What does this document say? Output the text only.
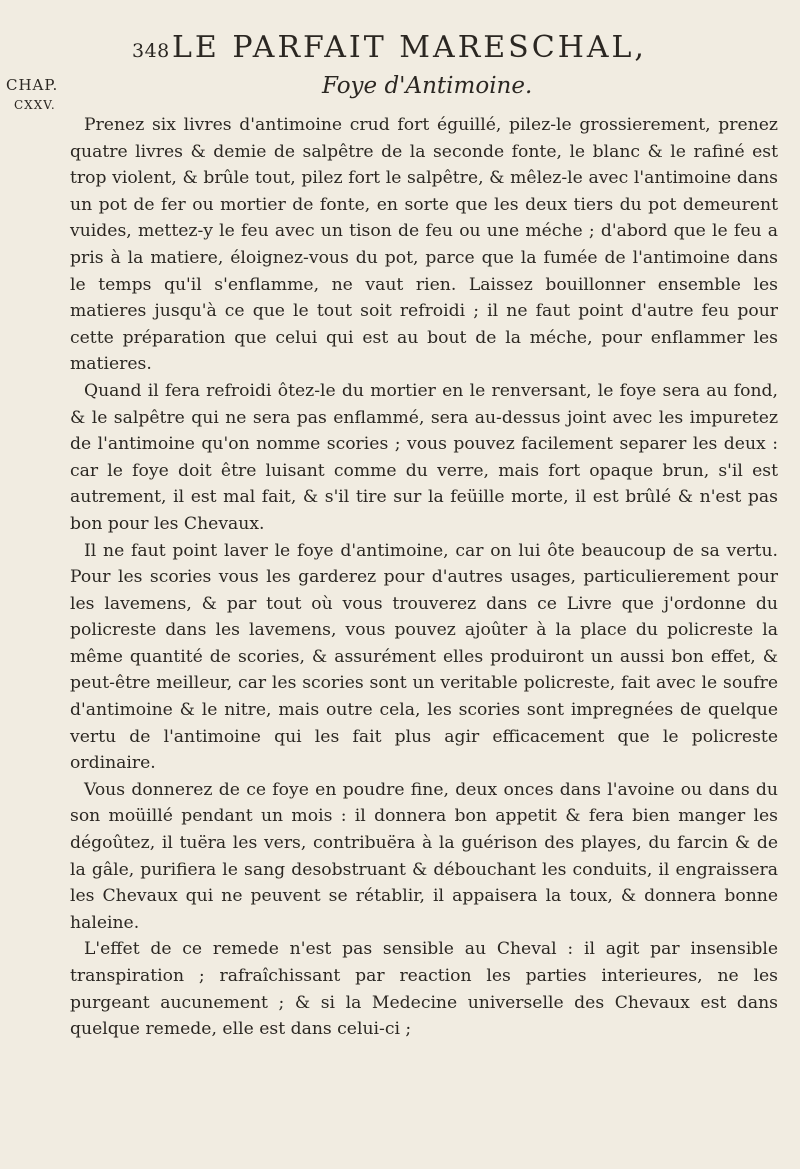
348 LE PARFAIT MARESCHAL,
CHAP.
CXXV.
Foye d'Antimoine.

Prenez six livres d'antimoine crud fort éguillé, pilez-le grossierement, prenez quatre livres & demie de salpêtre de la seconde fonte, le blanc & le rafiné est trop violent, & brûle tout, pilez fort le salpêtre, & mêlez-le avec l'antimoine dans un pot de fer ou mortier de fonte, en sorte que les deux tiers du pot demeurent vuides, mettez-y le feu avec un tison de feu ou une méche ; d'abord que le feu a pris à la matiere, éloignez-vous du pot, parce que la fumée de l'antimoine dans le temps qu'il s'enflamme, ne vaut rien. Laissez bouillonner ensemble les matieres jusqu'à ce que le tout soit refroidi ; il ne faut point d'autre feu pour cette préparation que celui qui est au bout de la méche, pour enflammer les matieres.

Quand il fera refroidi ôtez-le du mortier en le renversant, le foye sera au fond, & le salpêtre qui ne sera pas enflammé, sera au-dessus joint avec les impuretez de l'antimoine qu'on nomme scories ; vous pouvez facilement separer les deux : car le foye doit être luisant comme du verre, mais fort opaque brun, s'il est autrement, il est mal fait, & s'il tire sur la feüille morte, il est brûlé & n'est pas bon pour les Chevaux.

Il ne faut point laver le foye d'antimoine, car on lui ôte beaucoup de sa vertu. Pour les scories vous les garderez pour d'autres usages, particulierement pour les lavemens, & par tout où vous trouverez dans ce Livre que j'ordonne du policreste dans les lavemens, vous pouvez ajoûter à la place du policreste la même quantité de scories, & assurément elles produiront un aussi bon effet, & peut-être meilleur, car les scories sont un veritable policreste, fait avec le soufre d'antimoine & le nitre, mais outre cela, les scories sont impregnées de quelque vertu de l'antimoine qui les fait plus agir efficacement que le policreste ordinaire.

Vous donnerez de ce foye en poudre fine, deux onces dans l'avoine ou dans du son moüillé pendant un mois : il donnera bon appetit & fera bien manger les dégoûtez, il tuëra les vers, contribuëra à la guérison des playes, du farcin & de la gâle, purifiera le sang desobstruant & débouchant les conduits, il engraissera les Chevaux qui ne peuvent se rétablir, il appaisera la toux, & donnera bonne haleine.

L'effet de ce remede n'est pas sensible au Cheval : il agit par insensible transpiration ; rafraîchissant par reaction les parties interieures, ne les purgeant aucunement ; & si la Medecine universelle des Chevaux est dans quelque remede, elle est dans celui-ci ;
